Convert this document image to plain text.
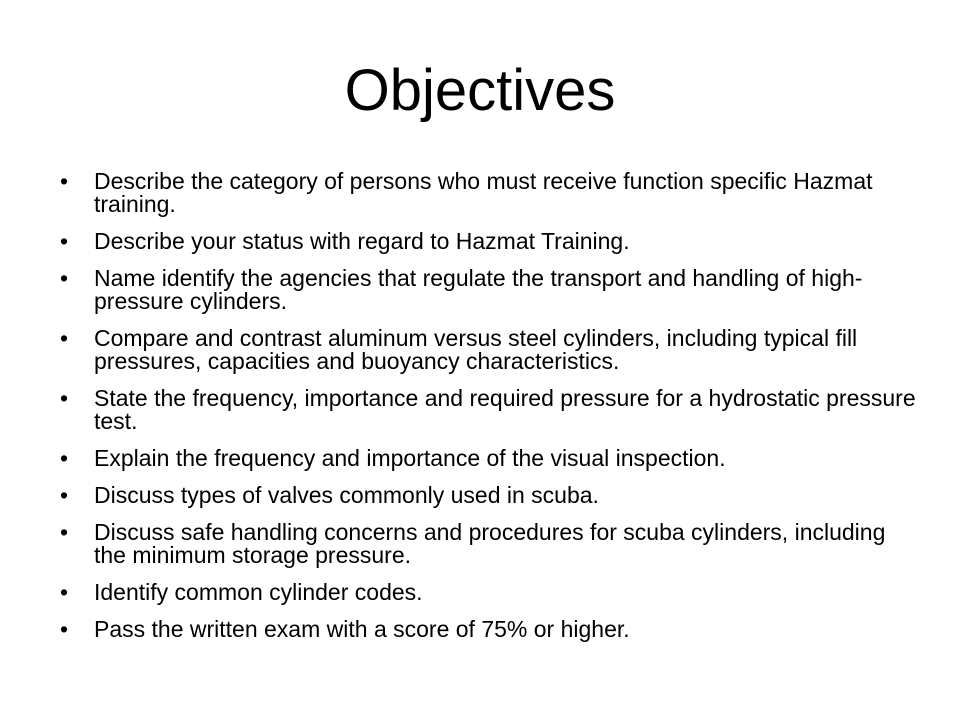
Objectives
•	Describe the category of persons who must receive function specific Hazmat training.
•	Describe your status with regard to Hazmat Training.
•	Name identify the agencies that regulate the transport and handling of high-pressure cylinders.
•	Compare and contrast aluminum versus steel cylinders, including typical fill pressures, capacities and buoyancy characteristics.
•	State the frequency, importance and required pressure for a hydrostatic pressure test.
•	Explain the frequency and importance of the visual inspection.
•	Discuss types of valves commonly used in scuba.
•	Discuss safe handling concerns and procedures for scuba cylinders, including the minimum storage pressure.
•	Identify common cylinder codes.
•	Pass the written exam with a score of 75% or higher.
